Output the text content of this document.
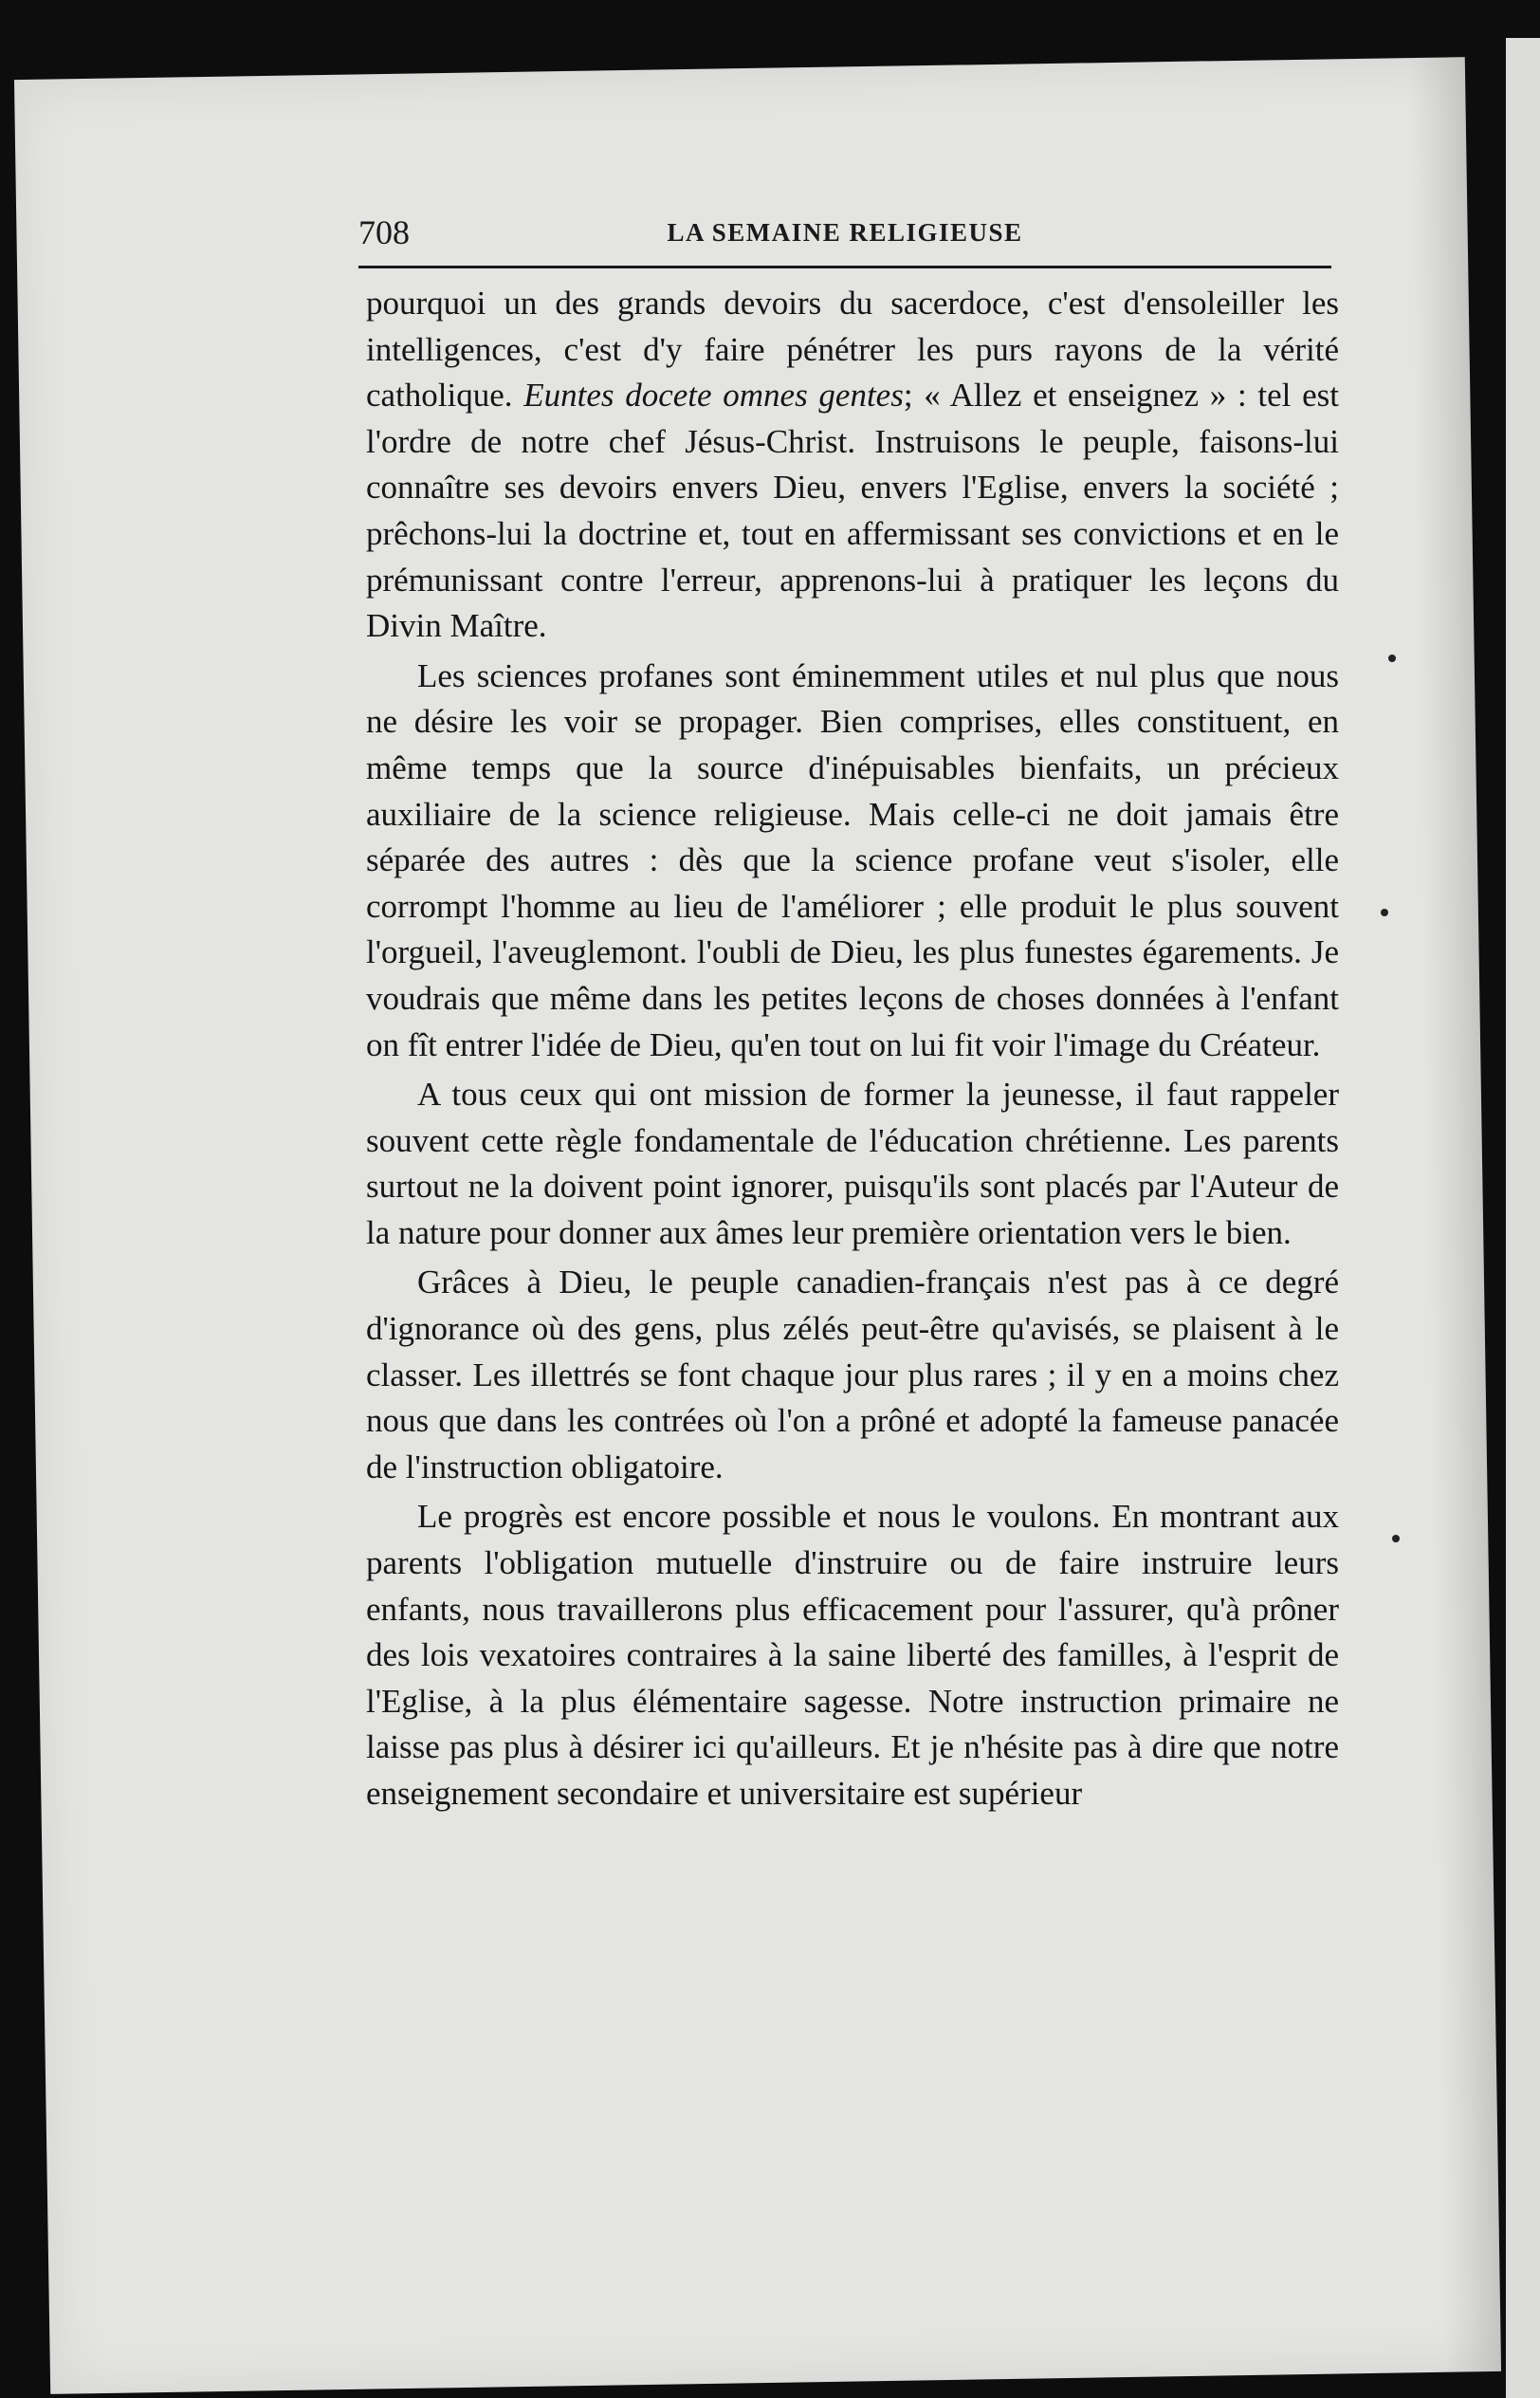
708	LA SEMAINE RELIGIEUSE

pourquoi un des grands devoirs du sacerdoce, c'est d'ensoleiller les intelligences, c'est d'y faire pénétrer les purs rayons de la vérité catholique. Euntes docete omnes gentes; « Allez et enseignez » : tel est l'ordre de notre chef Jésus-Christ. Instruisons le peuple, faisons-lui connaître ses devoirs envers Dieu, envers l'Eglise, envers la société ; prêchons-lui la doctrine et, tout en affermissant ses convictions et en le prémunissant contre l'erreur, apprenons-lui à pratiquer les leçons du Divin Maître.

Les sciences profanes sont éminemment utiles et nul plus que nous ne désire les voir se propager. Bien comprises, elles constituent, en même temps que la source d'inépuisables bienfaits, un précieux auxiliaire de la science religieuse. Mais celle-ci ne doit jamais être séparée des autres : dès que la science profane veut s'isoler, elle corrompt l'homme au lieu de l'améliorer ; elle produit le plus souvent l'orgueil, l'aveuglemont. l'oubli de Dieu, les plus funestes égarements. Je voudrais que même dans les petites leçons de choses données à l'enfant on fît entrer l'idée de Dieu, qu'en tout on lui fit voir l'image du Créateur.

A tous ceux qui ont mission de former la jeunesse, il faut rappeler souvent cette règle fondamentale de l'éducation chrétienne. Les parents surtout ne la doivent point ignorer, puisqu'ils sont placés par l'Auteur de la nature pour donner aux âmes leur première orientation vers le bien.

Grâces à Dieu, le peuple canadien-français n'est pas à ce degré d'ignorance où des gens, plus zélés peut-être qu'avisés, se plaisent à le classer. Les illettrés se font chaque jour plus rares ; il y en a moins chez nous que dans les contrées où l'on a prôné et adopté la fameuse panacée de l'instruction obligatoire.

Le progrès est encore possible et nous le voulons. En montrant aux parents l'obligation mutuelle d'instruire ou de faire instruire leurs enfants, nous travaillerons plus efficacement pour l'assurer, qu'à prôner des lois vexatoires contraires à la saine liberté des familles, à l'esprit de l'Eglise, à la plus élémentaire sagesse. Notre instruction primaire ne laisse pas plus à désirer ici qu'ailleurs. Et je n'hésite pas à dire que notre enseignement secondaire et universitaire est supérieur
